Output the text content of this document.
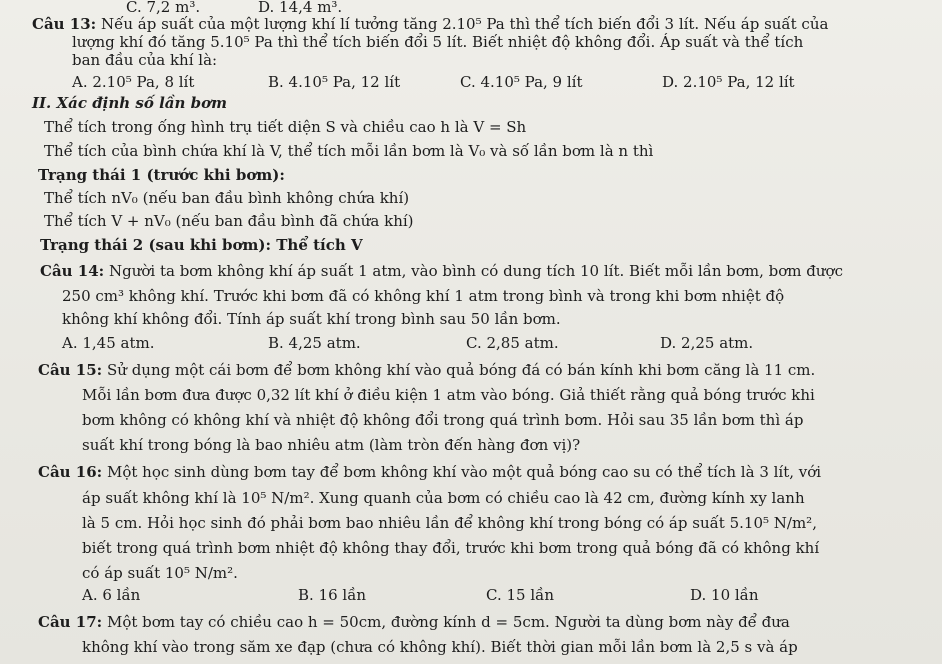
C. 7,2 m³.	D. 14,4 m³.
Câu 13: Nếu áp suất của một lượng khí lí tưởng tăng 2.10⁵ Pa thì thể tích biến đổi 3 lít. Nếu áp suất của
lượng khí đó tăng 5.10⁵ Pa thì thể tích biến đổi 5 lít. Biết nhiệt độ không đổi. Áp suất và thể tích
ban đầu của khí là:
A. 2.10⁵ Pa, 8 lít	B. 4.10⁵ Pa, 12 lít	C. 4.10⁵ Pa, 9 lít	D. 2.10⁵ Pa, 12 lít
II. Xác định số lần bơm
Thể tích trong ống hình trụ tiết diện S và chiều cao h là V = Sh
Thể tích của bình chứa khí là V, thể tích mỗi lần bơm là V₀ và số lần bơm là n thì
Trạng thái 1 (trước khi bơm):
Thể tích nV₀ (nếu ban đầu bình không chứa khí)
Thể tích V + nV₀ (nếu ban đầu bình đã chứa khí)
Trạng thái 2 (sau khi bơm): Thể tích V
Câu 14: Người ta bơm không khí áp suất 1 atm, vào bình có dung tích 10 lít. Biết mỗi lần bơm, bơm được
250 cm³ không khí. Trước khi bơm đã có không khí 1 atm trong bình và trong khi bơm nhiệt độ
không khí không đổi. Tính áp suất khí trong bình sau 50 lần bơm.
A. 1,45 atm.	B. 4,25 atm.	C. 2,85 atm.	D. 2,25 atm.
Câu 15: Sử dụng một cái bơm để bơm không khí vào quả bóng đá có bán kính khi bơm căng là 11 cm.
Mỗi lần bơm đưa được 0,32 lít khí ở điều kiện 1 atm vào bóng. Giả thiết rằng quả bóng trước khi
bơm không có không khí và nhiệt độ không đổi trong quá trình bơm. Hỏi sau 35 lần bơm thì áp
suất khí trong bóng là bao nhiêu atm (làm tròn đến hàng đơn vị)?
Câu 16: Một học sinh dùng bơm tay để bơm không khí vào một quả bóng cao su có thể tích là 3 lít, với
áp suất không khí là 10⁵ N/m². Xung quanh của bơm có chiều cao là 42 cm, đường kính xy lanh
là 5 cm. Hỏi học sinh đó phải bơm bao nhiêu lần để không khí trong bóng có áp suất 5.10⁵ N/m²,
biết trong quá trình bơm nhiệt độ không thay đổi, trước khi bơm trong quả bóng đã có không khí
có áp suất 10⁵ N/m².
A. 6 lần	B. 16 lần	C. 15 lần	D. 10 lần
Câu 17: Một bơm tay có chiều cao h = 50cm, đường kính d = 5cm. Người ta dùng bơm này để đưa
không khí vào trong săm xe đạp (chưa có không khí). Biết thời gian mỗi lần bơm là 2,5 s và áp
